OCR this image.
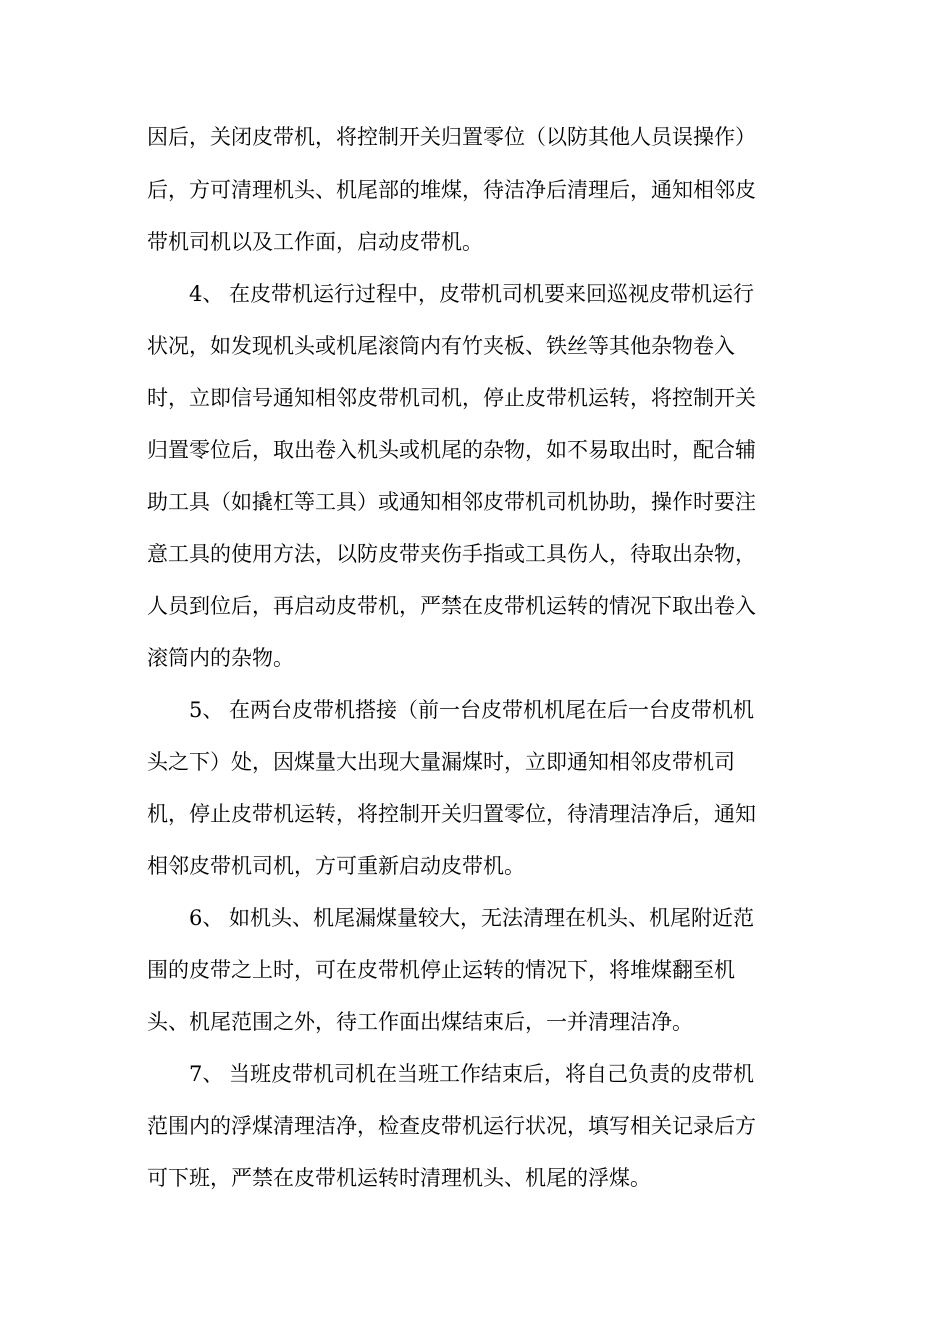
因后，关闭皮带机，将控制开关归置零位（以防其他人员误操作）
后，方可清理机头、机尾部的堆煤，待洁净后清理后，通知相邻皮
带机司机以及工作面，启动皮带机。
4、 在皮带机运行过程中，皮带机司机要来回巡视皮带机运行
状况，如发现机头或机尾滚筒内有竹夹板、铁丝等其他杂物卷入
时，立即信号通知相邻皮带机司机，停止皮带机运转，将控制开关
归置零位后，取出卷入机头或机尾的杂物，如不易取出时，配合辅
助工具（如撬杠等工具）或通知相邻皮带机司机协助，操作时要注
意工具的使用方法，以防皮带夹伤手指或工具伤人，待取出杂物，
人员到位后，再启动皮带机，严禁在皮带机运转的情况下取出卷入
滚筒内的杂物。
5、 在两台皮带机搭接（前一台皮带机机尾在后一台皮带机机
头之下）处，因煤量大出现大量漏煤时，立即通知相邻皮带机司
机，停止皮带机运转，将控制开关归置零位，待清理洁净后，通知
相邻皮带机司机，方可重新启动皮带机。
6、 如机头、机尾漏煤量较大，无法清理在机头、机尾附近范
围的皮带之上时，可在皮带机停止运转的情况下，将堆煤翻至机
头、机尾范围之外，待工作面出煤结束后，一并清理洁净。
7、 当班皮带机司机在当班工作结束后，将自己负责的皮带机
范围内的浮煤清理洁净，检查皮带机运行状况，填写相关记录后方
可下班，严禁在皮带机运转时清理机头、机尾的浮煤。
